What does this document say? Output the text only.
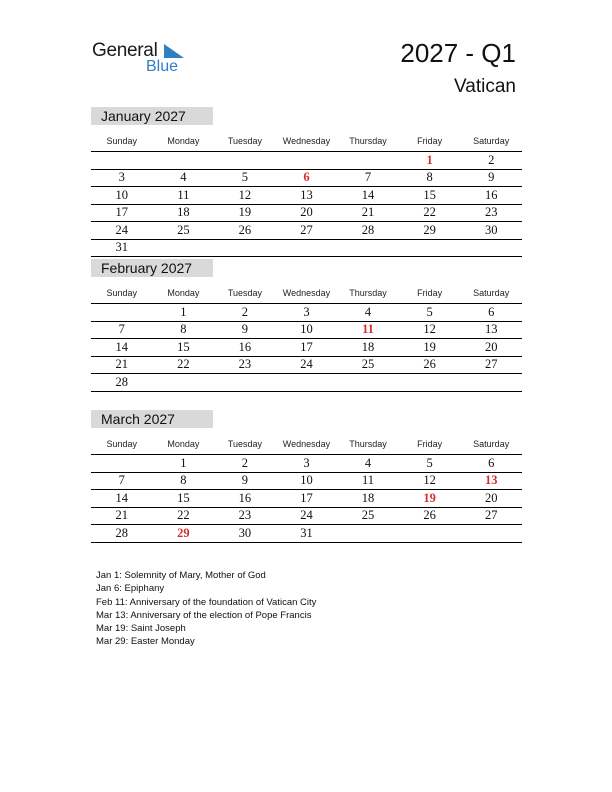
General
Blue	2027 - Q1
Vatican
January 2027
Sunday	Monday	Tuesday	Wednesday	Thursday	Friday	Saturday
					1	2
3	4	5	6	7	8	9
10	11	12	13	14	15	16
17	18	19	20	21	22	23
24	25	26	27	28	29	30
31						
February 2027
Sunday	Monday	Tuesday	Wednesday	Thursday	Friday	Saturday
	1	2	3	4	5	6
7	8	9	10	11	12	13
14	15	16	17	18	19	20
21	22	23	24	25	26	27
28						
March 2027
Sunday	Monday	Tuesday	Wednesday	Thursday	Friday	Saturday
	1	2	3	4	5	6
7	8	9	10	11	12	13
14	15	16	17	18	19	20
21	22	23	24	25	26	27
28	29	30	31			
Jan 1: Solemnity of Mary, Mother of God
Jan 6: Epiphany
Feb 11: Anniversary of the foundation of Vatican City
Mar 13: Anniversary of the election of Pope Francis
Mar 19: Saint Joseph
Mar 29: Easter Monday
